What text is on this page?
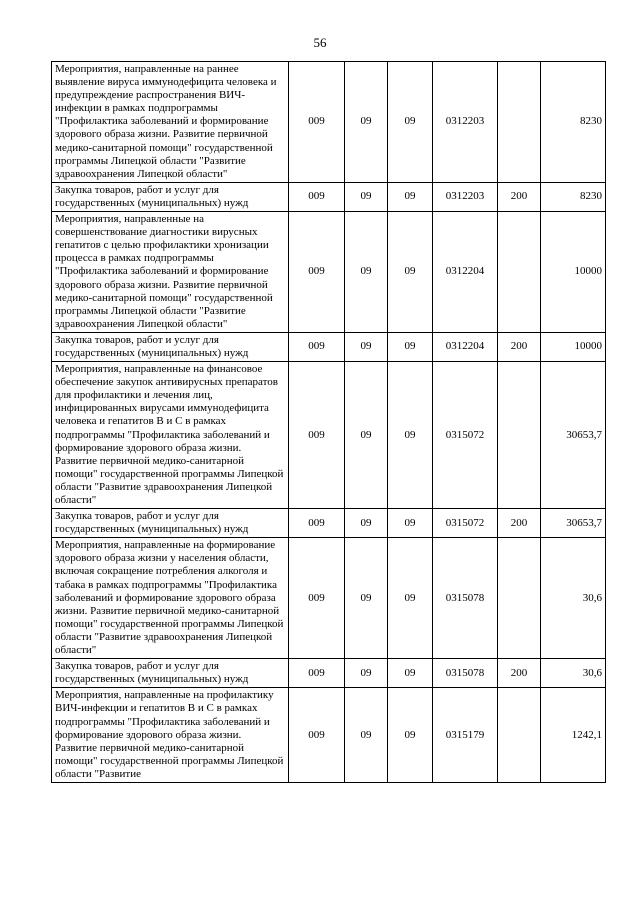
56
Мероприятия, направленные на раннее выявление вируса иммунодефицита человека и предупреждение распространения ВИЧ-инфекции в рамках подпрограммы "Профилактика заболеваний и формирование здорового образа жизни. Развитие первичной медико-санитарной помощи" государственной программы Липецкой области "Развитие здравоохранения Липецкой области"	009	09	09	0312203		8230
Закупка товаров, работ и услуг для государственных (муниципальных) нужд	009	09	09	0312203	200	8230
Мероприятия, направленные на совершенствование диагностики вирусных гепатитов с целью профилактики хронизации процесса в рамках подпрограммы "Профилактика заболеваний и формирование здорового образа жизни. Развитие первичной медико-санитарной помощи" государственной программы Липецкой области "Развитие здравоохранения Липецкой области"	009	09	09	0312204		10000
Закупка товаров, работ и услуг для государственных (муниципальных) нужд	009	09	09	0312204	200	10000
Мероприятия, направленные на финансовое обеспечение закупок антивирусных препаратов для профилактики и лечения лиц, инфицированных вирусами иммунодефицита человека и гепатитов B и C в рамках подпрограммы "Профилактика заболеваний и формирование здорового образа жизни. Развитие первичной медико-санитарной помощи" государственной программы Липецкой области "Развитие здравоохранения Липецкой области"	009	09	09	0315072		30653,7
Закупка товаров, работ и услуг для государственных (муниципальных) нужд	009	09	09	0315072	200	30653,7
Мероприятия, направленные на формирование здорового образа жизни у населения области, включая сокращение потребления алкоголя и табака в рамках подпрограммы "Профилактика заболеваний и формирование здорового образа жизни. Развитие первичной медико-санитарной помощи" государственной программы Липецкой области "Развитие здравоохранения Липецкой области"	009	09	09	0315078		30,6
Закупка товаров, работ и услуг для государственных (муниципальных) нужд	009	09	09	0315078	200	30,6
Мероприятия, направленные на профилактику ВИЧ-инфекции и гепатитов B и C в рамках подпрограммы "Профилактика заболеваний и формирование здорового образа жизни. Развитие первичной медико-санитарной помощи" государственной программы Липецкой области "Развитие	009	09	09	0315179		1242,1
